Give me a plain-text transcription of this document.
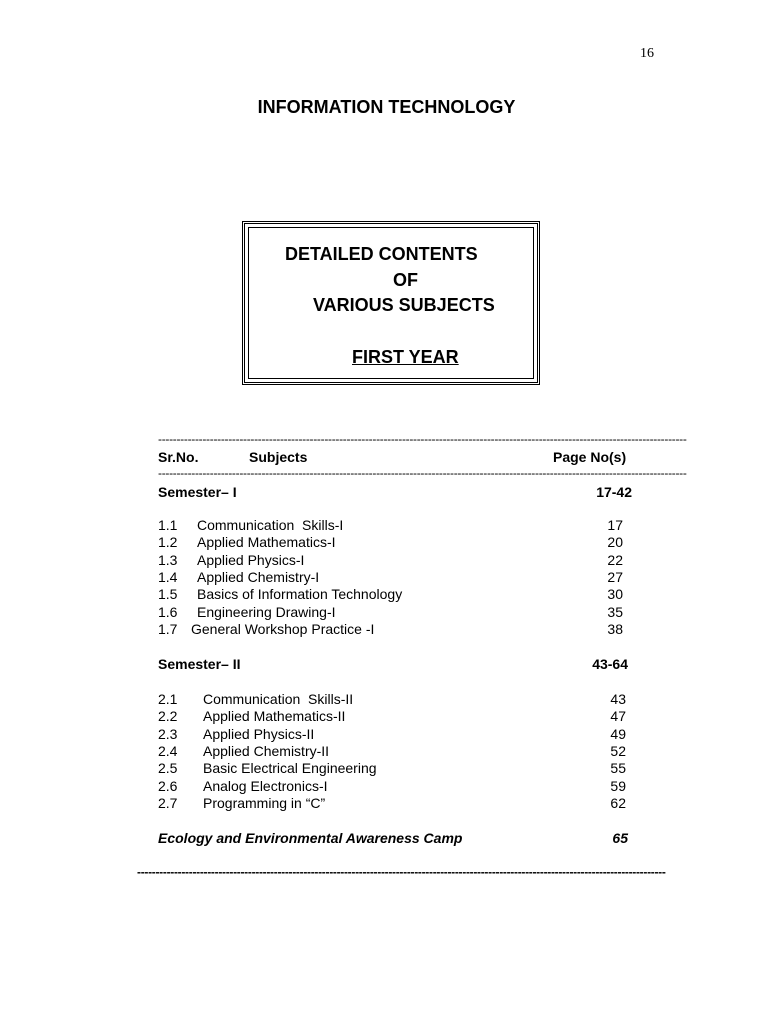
16
INFORMATION TECHNOLOGY
DETAILED CONTENTS
OF
VARIOUS SUBJECTS
FIRST YEAR
-----------------------------------------------------------------------------------------------------------------------------------------------
Sr.No.	Subjects	Page No(s)
-----------------------------------------------------------------------------------------------------------------------------------------------
Semester– I	17-42
1.1 Communication  Skills-I	17
1.2 Applied Mathematics-I	20
1.3 Applied Physics-I	22
1.4 Applied Chemistry-I	27
1.5 Basics of Information Technology	30
1.6 Engineering Drawing-I	35
1.7 General Workshop Practice -I	38
Semester– II	43-64
2.1 Communication  Skills-II	43
2.2 Applied Mathematics-II	47
2.3 Applied Physics-II	49
2.4 Applied Chemistry-II	52
2.5 Basic Electrical Engineering	55
2.6 Analog Electronics-I	59
2.7 Programming in “C”	62
Ecology and Environmental Awareness Camp	65
-----------------------------------------------------------------------------------------------------------------------------------------------
